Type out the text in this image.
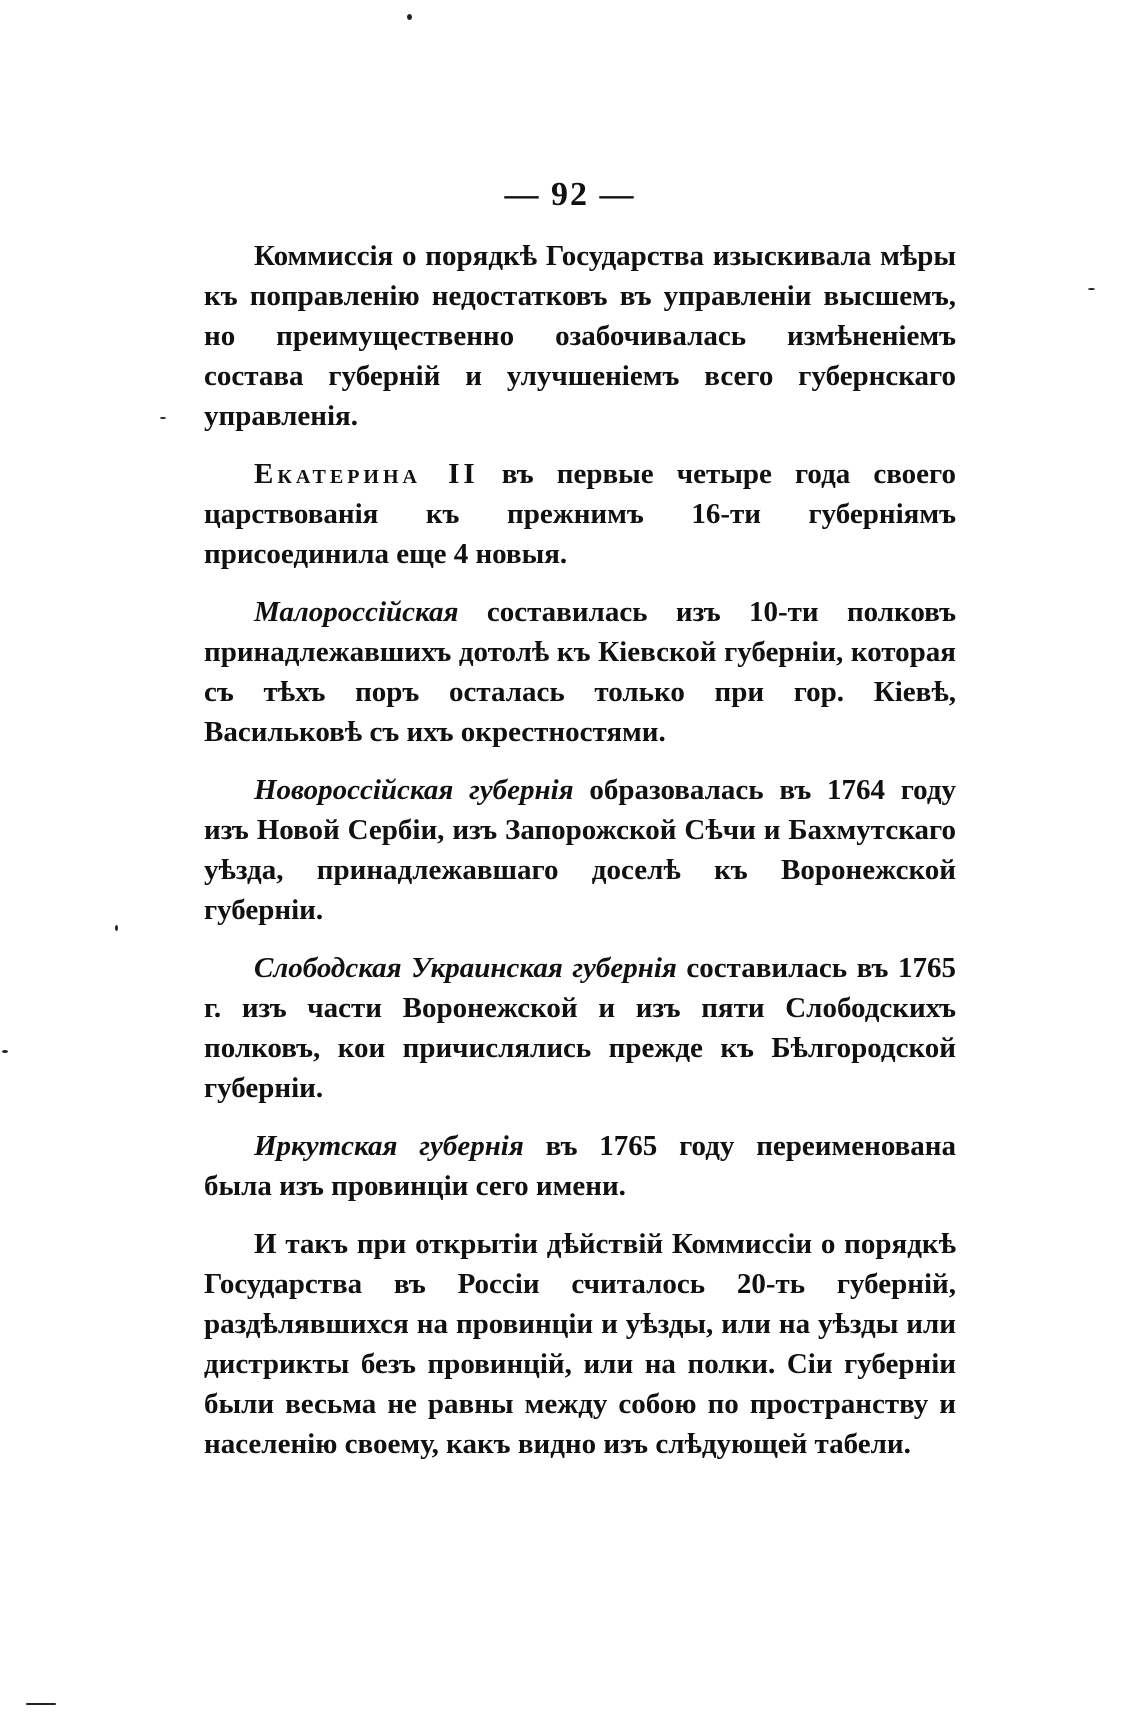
— 92 —

Коммиссія о порядкѣ Государства изыскивала мѣры къ поправленію недостатковъ въ управленіи высшемъ, но преимущественно озабочивалась измѣненіемъ состава губерній и улучшеніемъ всего губернскаго управленія.

Екатерина II въ первые четыре года своего царствованія къ прежнимъ 16-ти губерніямъ присоединила еще 4 новыя.

Малороссійская составилась изъ 10-ти полковъ принадлежавшихъ дотолѣ къ Кіевской губерніи, которая съ тѣхъ поръ осталась только при гор. Кіевѣ, Васильковѣ съ ихъ окрестностями.

Новороссійская губернія образовалась въ 1764 году изъ Новой Сербіи, изъ Запорожской Сѣчи и Бахмутскаго уѣзда, принадлежавшаго доселѣ къ Воронежской губерніи.

Слободская Украинская губернія составилась въ 1765 г. изъ части Воронежской и изъ пяти Слободскихъ полковъ, кои причислялись прежде къ Бѣлгородской губерніи.

Иркутская губернія въ 1765 году переименована была изъ провинціи сего имени.

И такъ при открытіи дѣйствій Коммиссіи о порядкѣ Государства въ Россіи считалось 20-ть губерній, раздѣлявшихся на провинціи и уѣзды, или на уѣзды или дистрикты безъ провинцій, или на полки. Сіи губерніи были весьма не равны между собою по пространству и населенію своему, какъ видно изъ слѣдующей табели.
